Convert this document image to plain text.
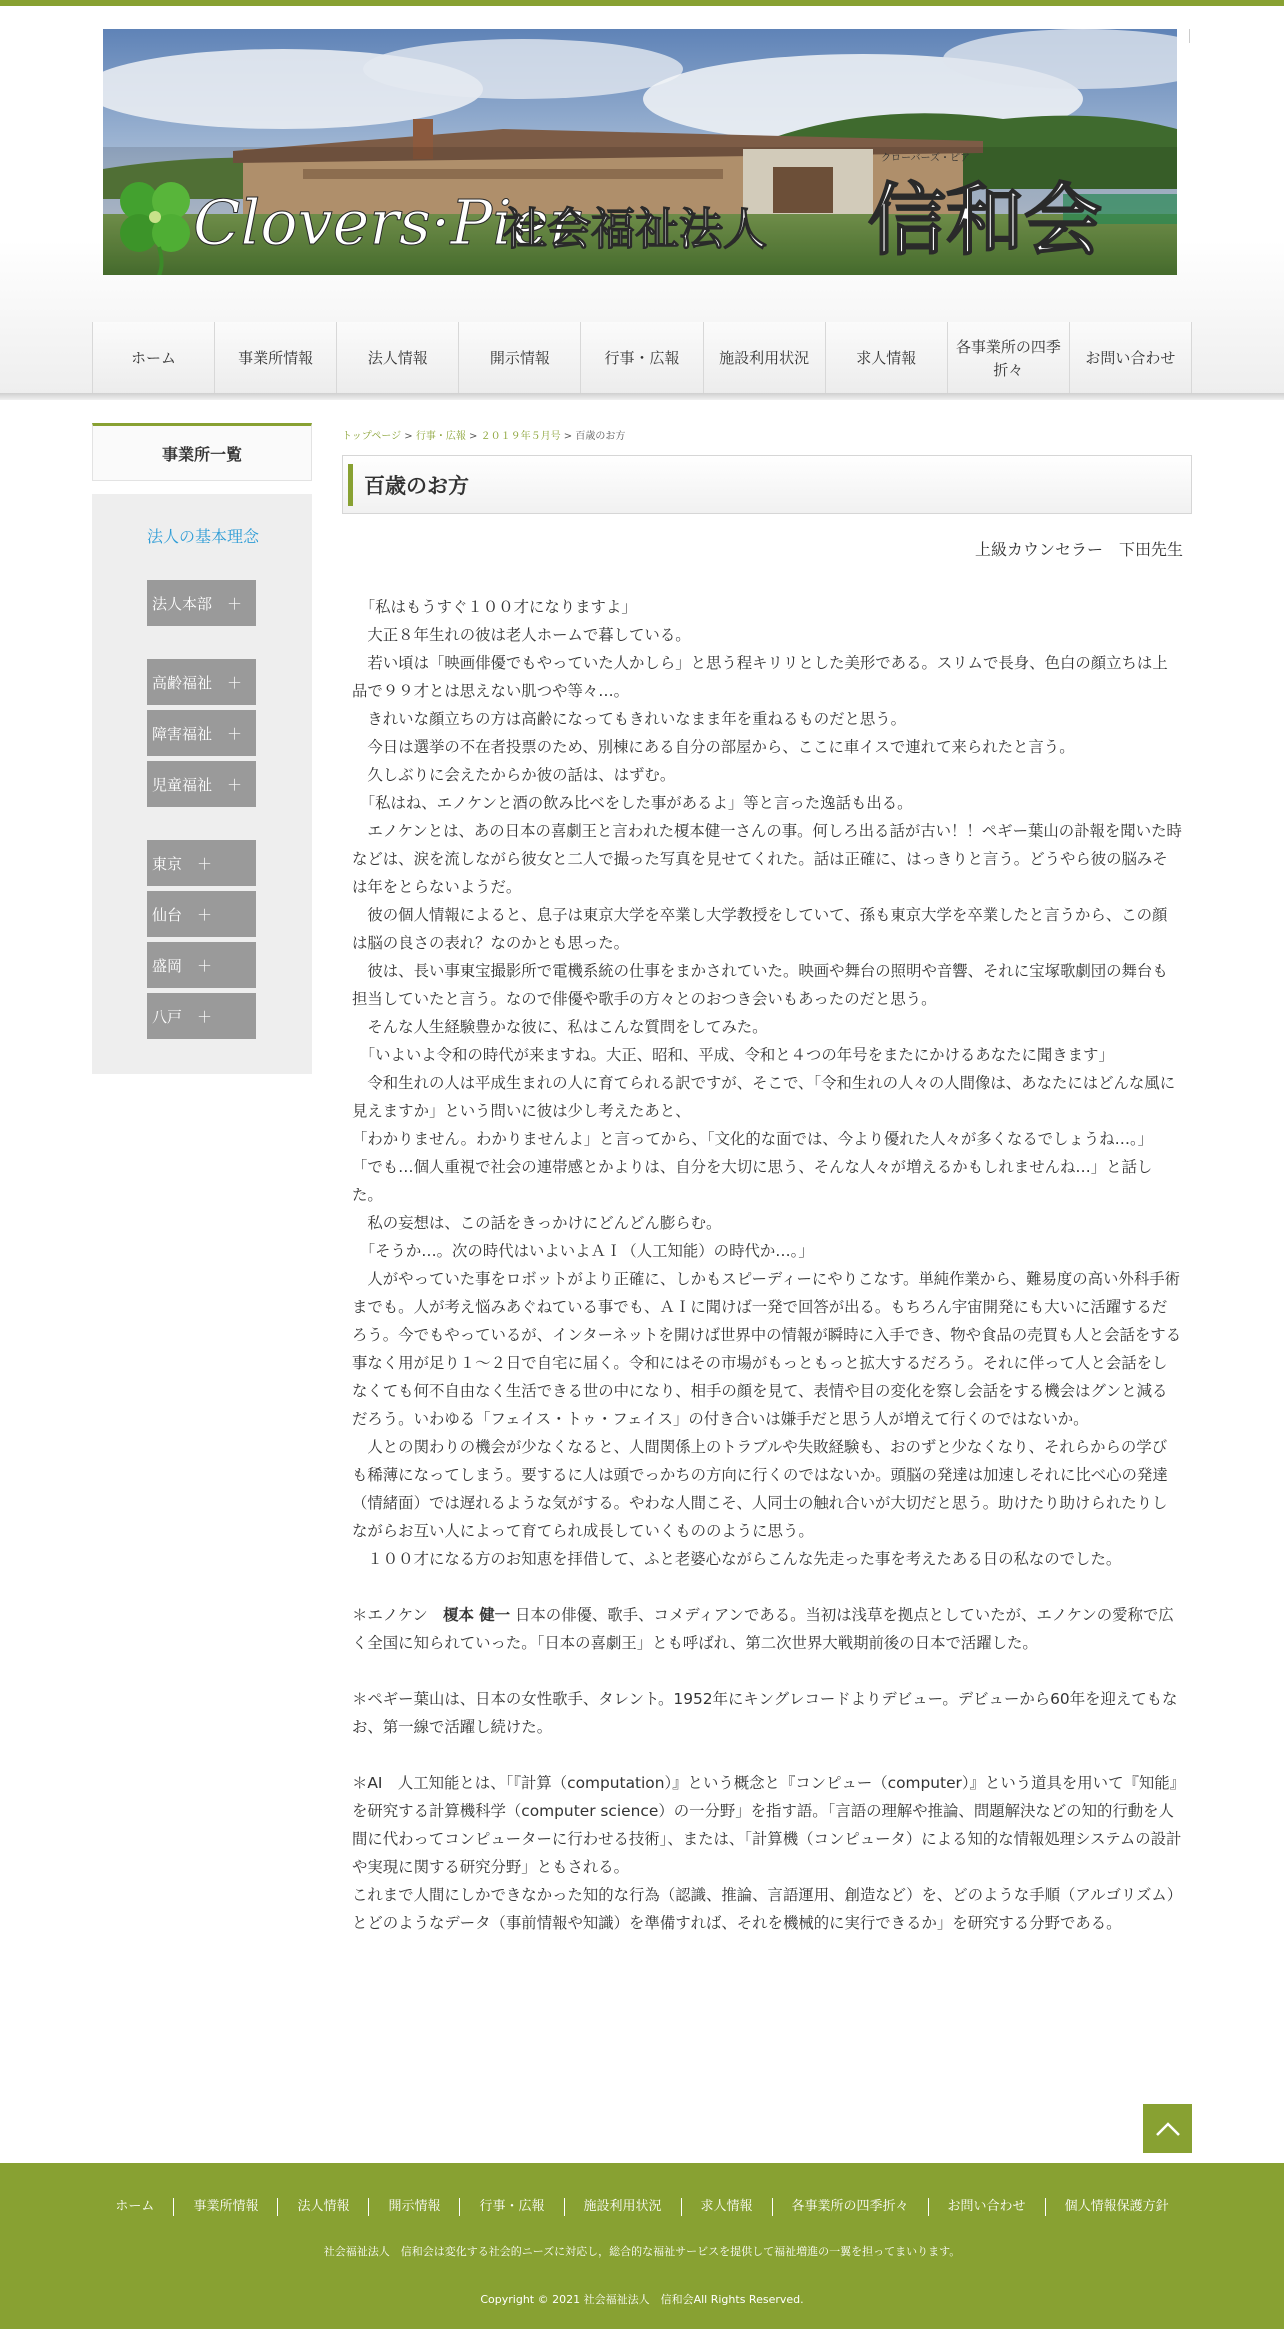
Clovers·Pier
社会福祉法人 信和会
クローバーズ・ピア
ホーム	事業所情報	法人情報	開示情報	行事・広報	施設利用状況	求人情報
各事業所の四季折々
お問い合わせ
事業所一覧
法人の基本理念
法人本部　＋
高齢福祉　＋
障害福祉　＋
児童福祉　＋
東京　＋
仙台　＋
盛岡　＋
八戸　＋
トップページ > 行事・広報 > ２０１９年５月号 > 百歳のお方
百歳のお方
上級カウンセラー　下田先生

　「私はもうすぐ１００才になりますよ」

　大正８年生れの彼は老人ホームで暮している。

　若い頃は「映画俳優でもやっていた人かしら」と思う程キリリとした美形である。スリムで長身、色白の顔立ちは上品で９９才とは思えない肌つや等々…。

　きれいな顔立ちの方は高齢になってもきれいなまま年を重ねるものだと思う。

　今日は選挙の不在者投票のため、別棟にある自分の部屋から、ここに車イスで連れて来られたと言う。

　久しぶりに会えたからか彼の話は、はずむ。

　「私はね、エノケンと酒の飲み比べをした事があるよ」等と言った逸話も出る。

　エノケンとは、あの日本の喜劇王と言われた榎本健一さんの事。何しろ出る話が古い！！ペギー葉山の訃報を聞いた時などは、涙を流しながら彼女と二人で撮った写真を見せてくれた。話は正確に、はっきりと言う。どうやら彼の脳みそは年をとらないようだ。

　彼の個人情報によると、息子は東京大学を卒業し大学教授をしていて、孫も東京大学を卒業したと言うから、この顔は脳の良さの表れ？なのかとも思った。

　彼は、長い事東宝撮影所で電機系統の仕事をまかされていた。映画や舞台の照明や音響、それに宝塚歌劇団の舞台も担当していたと言う。なので俳優や歌手の方々とのおつき会いもあったのだと思う。

　そんな人生経験豊かな彼に、私はこんな質問をしてみた。

　「いよいよ令和の時代が来ますね。大正、昭和、平成、令和と４つの年号をまたにかけるあなたに聞きます」

　令和生れの人は平成生まれの人に育てられる訳ですが、そこで、「令和生れの人々の人間像は、あなたにはどんな風に見えますか」という問いに彼は少し考えたあと、

「わかりません。わかりませんよ」と言ってから、「文化的な面では、今より優れた人々が多くなるでしょうね…。」

「でも…個人重視で社会の連帯感とかよりは、自分を大切に思う、そんな人々が増えるかもしれませんね…」と話した。

　私の妄想は、この話をきっかけにどんどん膨らむ。

　「そうか…。次の時代はいよいよＡＩ（人工知能）の時代か…。」

　人がやっていた事をロボットがより正確に、しかもスピーディーにやりこなす。単純作業から、難易度の高い外科手術までも。人が考え悩みあぐねている事でも、ＡＩに聞けば一発で回答が出る。もちろん宇宙開発にも大いに活躍するだろう。今でもやっているが、インターネットを開けば世界中の情報が瞬時に入手でき、物や食品の売買も人と会話をする事なく用が足り１～２日で自宅に届く。令和にはその市場がもっともっと拡大するだろう。それに伴って人と会話をしなくても何不自由なく生活できる世の中になり、相手の顔を見て、表情や目の変化を察し会話をする機会はグンと減るだろう。いわゆる「フェイス・トゥ・フェイス」の付き合いは嫌手だと思う人が増えて行くのではないか。

　人との関わりの機会が少なくなると、人間関係上のトラブルや失敗経験も、おのずと少なくなり、それらからの学びも稀薄になってしまう。要するに人は頭でっかちの方向に行くのではないか。頭脳の発達は加速しそれに比べ心の発達（情緒面）では遅れるような気がする。やわな人間こそ、人同士の触れ合いが大切だと思う。助けたり助けられたりしながらお互い人によって育てられ成長していくもののように思う。

　１００才になる方のお知恵を拝借して、ふと老婆心ながらこんな先走った事を考えたある日の私なのでした。

＊エノケン　榎本 健一 日本の俳優、歌手、コメディアンである。当初は浅草を拠点としていたが、エノケンの愛称で広く全国に知られていった。「日本の喜劇王」とも呼ばれ、第二次世界大戦期前後の日本で活躍した。

＊ペギー葉山は、日本の女性歌手、タレント。1952年にキングレコードよりデビュー。デビューから60年を迎えてもなお、第一線で活躍し続けた。

＊AI　人工知能とは、「『計算（computation）』という概念と『コンピュー（computer）』という道具を用いて『知能』を研究する計算機科学（computer science）の一分野」を指す語。「言語の理解や推論、問題解決などの知的行動を人間に代わってコンピューターに行わせる技術」、または、「計算機（コンピュータ）による知的な情報処理システムの設計や実現に関する研究分野」ともされる。

これまで人間にしかできなかった知的な行為（認識、推論、言語運用、創造など）を、どのような手順（アルゴリズム）とどのようなデータ（事前情報や知識）を準備すれば、それを機械的に実行できるか」を研究する分野である。

ホーム	事業所情報	法人情報	開示情報	行事・広報	施設利用状況	求人情報	各事業所の四季折々	お問い合わせ	個人情報保護方針
社会福祉法人　信和会は変化する社会的ニーズに対応し，総合的な福祉サービスを提供して福祉増進の一翼を担ってまいります。
Copyright © 2021 社会福祉法人　信和会All Rights Reserved.
